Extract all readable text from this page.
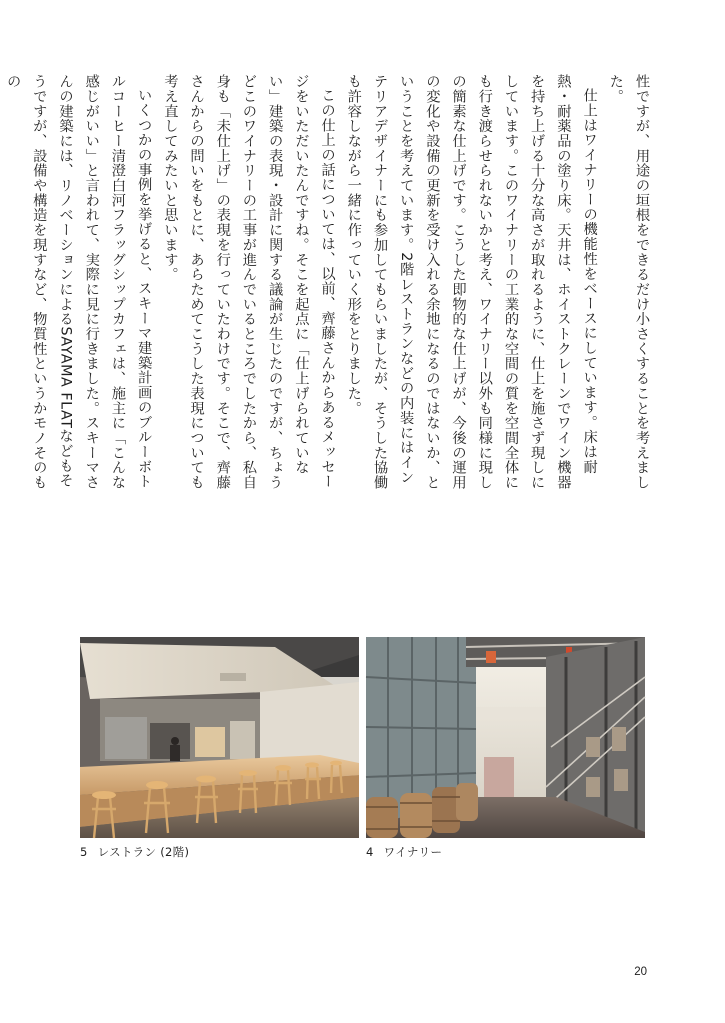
性ですが、用途の垣根をできるだけ小さくすることを考えました。

仕上はワイナリーの機能性をベースにしています。床は耐熱・耐薬品の塗り床。天井は、ホイストクレーンでワイン機器を持ち上げる十分な高さが取れるように、仕上を施さず現しにしています。このワイナリーの工業的な空間の質を空間全体にも行き渡らせられないかと考え、ワイナリー以外も同様に現しの簡素な仕上げです。こうした即物的な仕上げが、今後の運用の変化や設備の更新を受け入れる余地になるのではないか、ということを考えています。2階レストランなどの内装にはインテリアデザイナーにも参加してもらいましたが、そうした協働も許容しながら一緒に作っていく形をとりました。

この仕上の話については、以前、齊藤さんからあるメッセージをいただいたんですね。そこを起点に「仕上げられていない」建築の表現・設計に関する議論が生じたのですが、ちょうどこのワイナリーの工事が進んでいるところでしたから、私自身も「未仕上げ」の表現を行っていたわけです。そこで、齊藤さんからの問いをもとに、あらためてこうした表現についても考え直してみたいと思います。

いくつかの事例を挙げると、スキーマ建築計画のブルーボトルコーヒー清澄白河フラッグシップカフェは、施主に「こんな感じがいい」と言われて、実際に見に行きました。スキーマさんの建築には、リノベーションによるSAYAMA FLATなどもそうですが、設備や構造を現すなど、物質性というかモノそのもの

5 レストラン (2階)	4 ワイナリー
20
